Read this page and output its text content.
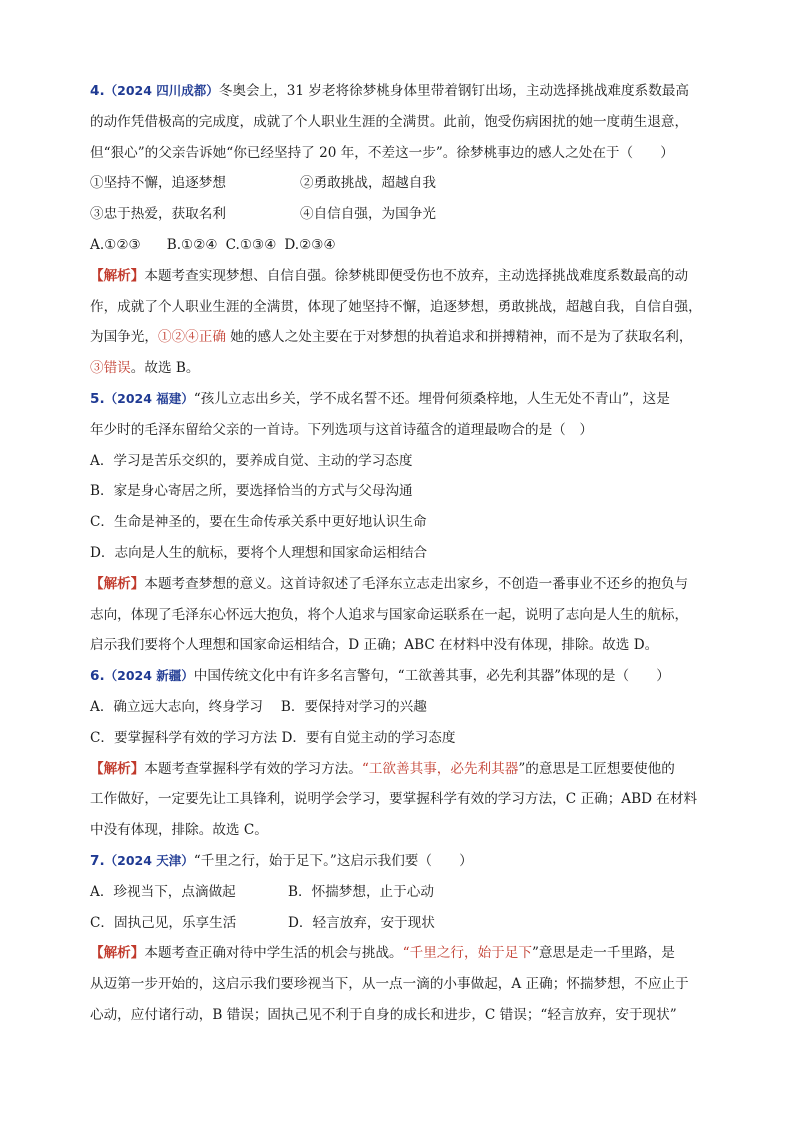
4.（2024 四川成都）冬奥会上，31 岁老将徐梦桃身体里带着钢钉出场，主动选择挑战难度系数最高
的动作凭借极高的完成度，成就了个人职业生涯的全满贯。此前，饱受伤病困扰的她一度萌生退意，
但“狠心”的父亲告诉她“你已经坚持了 20 年，不差这一步”。徐梦桃事边的感人之处在于（　　）
①坚持不懈，追逐梦想	②勇敢挑战，超越自我
③忠于热爱，获取名利	④自信自强，为国争光
A.①②③ B.①②④ C.①③④ D.②③④
【解析】本题考查实现梦想、自信自强。徐梦桃即便受伤也不放弃，主动选择挑战难度系数最高的动
作，成就了个人职业生涯的全满贯，体现了她坚持不懈，追逐梦想，勇敢挑战，超越自我，自信自强，
为国争光，①②④正确 她的感人之处主要在于对梦想的执着追求和拼搏精神，而不是为了获取名利，
③错误。故选 B。
5.（2024 福建）“孩儿立志出乡关，学不成名誓不还。埋骨何须桑梓地，人生无处不青山”，这是
年少时的毛泽东留给父亲的一首诗。下列选项与这首诗蕴含的道理最吻合的是（　）
A．学习是苦乐交织的，要养成自觉、主动的学习态度
B．家是身心寄居之所，要选择恰当的方式与父母沟通
C．生命是神圣的，要在生命传承关系中更好地认识生命
D．志向是人生的航标，要将个人理想和国家命运相结合
【解析】本题考查梦想的意义。这首诗叙述了毛泽东立志走出家乡，不创造一番事业不还乡的抱负与
志向，体现了毛泽东心怀远大抱负，将个人追求与国家命运联系在一起，说明了志向是人生的航标，
启示我们要将个人理想和国家命运相结合，D 正确；ABC 在材料中没有体现，排除。故选 D。
6.（2024 新疆）中国传统文化中有许多名言警句，“工欲善其事，必先利其器”体现的是（　　）
A．确立远大志向，终身学习　 B．要保持对学习的兴趣
C．要掌握科学有效的学习方法 D．要有自觉主动的学习态度
【解析】本题考查掌握科学有效的学习方法。“工欲善其事，必先利其器”的意思是工匠想要使他的
工作做好，一定要先让工具锋利，说明学会学习，要掌握科学有效的学习方法，C 正确；ABD 在材料
中没有体现，排除。故选 C。
7.（2024 天津）“千里之行，始于足下。”这启示我们要（　　）
A．珍视当下，点滴做起	B．怀揣梦想，止于心动
C．固执己见，乐享生活	D．轻言放弃，安于现状
【解析】本题考查正确对待中学生活的机会与挑战。“千里之行，始于足下”意思是走一千里路，是
从迈第一步开始的，这启示我们要珍视当下，从一点一滴的小事做起，A 正确；怀揣梦想，不应止于
心动，应付诸行动，B 错误；固执己见不利于自身的成长和进步，C 错误；“轻言放弃，安于现状”
